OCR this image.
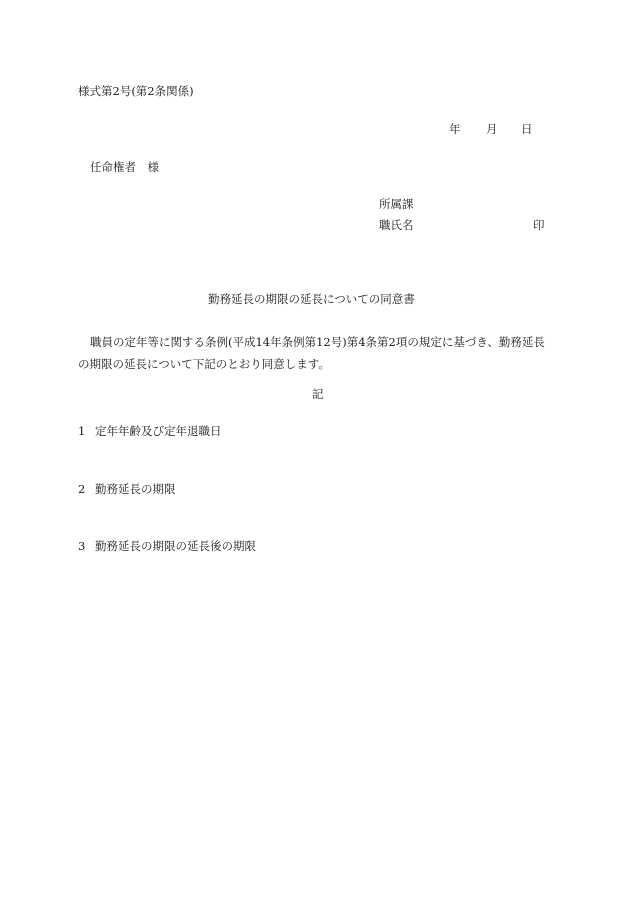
様式第2号(第2条関係)
年 月 日
任命権者　様
所属課
職氏名	印
勤務延長の期限の延長についての同意書
職員の定年等に関する条例(平成14年条例第12号)第4条第2項の規定に基づき、勤務延長
の期限の延長について下記のとおり同意します。
記
1 定年年齢及び定年退職日
2 勤務延長の期限
3 勤務延長の期限の延長後の期限
